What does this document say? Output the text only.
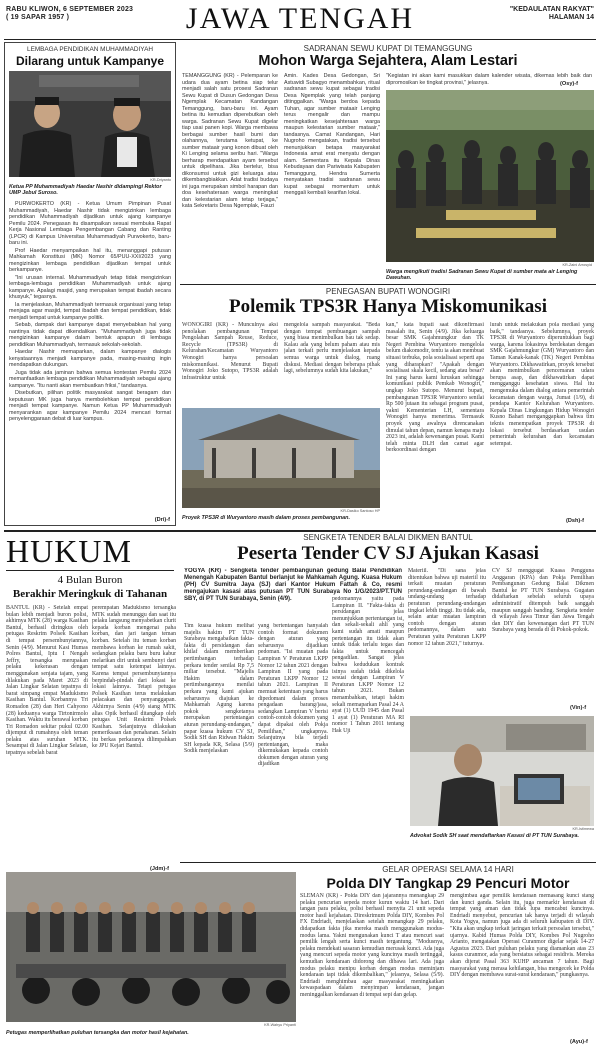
RABU KLIWON, 6 SEPTEMBER 2023
( 19 SAPAR 1957 )	JAWA TENGAH	"KEDAULATAN RAKYAT"
HALAMAN 14
LEMBAGA PENDIDIKAN MUHAMMADIYAH
Dilarang untuk Kampanye
KR-Driyanto
Ketua PP Muhammadiyah Haedar Nashir didampingi Rektor UMP Jebul Suroso.

PURWOKERTO (KR) - Ketua Umum Pimpinan Pusat Muhammadiyah, Haedar Nashir tidak mengizinkan lembaga pendidikan Muhammadiyah dijadikan untuk ajang kampanye Pemilu 2024. Penegasan itu disampaikan sesuai membuka Rapat Kerja Nasional Lembaga Pengembangan Cabang dan Ranting (LPCR) di Kampus Universitas Muhammadiyah Purwokerto, baru-baru ini.

Prof Haedar menyampaikan hal itu, menanggapi putusan Mahkamah Konstitusi (MK) Nomor 65/PUU-XXI/2023 yang mengizinkan lembaga pendidikan dijadikan tempat untuk berkampanye.

"Ini urusan internal. Muhammadiyah tetap tidak mengizinkan lembaga-lembaga pendidikan Muhammadiyah untuk ajang kampanye. Apalagi masjid, yang merupakan tempat ibadah secara khusyuk," tegasnya.

Ia menjelaskan, Muhammadiyah termasuk organisasi yang tetap menjaga agar masjid, tempat ibadah dan tempat pendidikan, tidak menjadi tempat untuk kampanye politik.

Sebab, dampak dari kampanye dapat menyebabkan hal yang nantinya tidak dapat dikendalikan. "Muhammadiyah juga tidak mengizinkan kampanye dalam bentuk apapun di lembaga pendidikan Muhammadiyah, termasuk sekolah-sekolah.

Haedar Nashir memaparkan, dalam kampanye dialogis kenyataannya menjadi kampanye pada, masing-masing ingin mendapatkan dukungan.

Juga tidak ada jaminan bahwa semua kontestan Pemilu 2024 memanfaatkan lembaga pendidikan Muhammadiyah sebagai ajang kampanye. "Itu nanti akan membuatkan friksi," tandasnya.

Disebutkan, pilihan politik masyarakat sangat beragam dan keputusan MK juga hanya membolehkan tempat pendidikan menjadi tempat kampanye. Namun Ketua PP Muhammadiyah menyarankan agar kampanye Pemilu 2024 mencari format penyelenggaraan debat di luar kampus.

(Dri)-f
SADRANAN SEWU KUPAT DI TEMANGGUNG
Mohon Warga Sejahtera, Alam Lestari
TEMANGGUNG (KR) - Pelemparan ke udara dua ayam betina siap telur menjadi salah satu prosesi Sadranan Sewu Kupat di Dusun Gedongan Desa Ngemplak Kecamatan Kandangan Temanggung, baru-baru ini. Ayam betina itu kemudian diperebutkan oleh warga. Sadranan Sewu Kupat digelar tiap usai panen kopi. Warga membawa berbagai sumber hasil bumi dan olahannya, terutama ketupat, ke sumber mataair yang konon dibuat oleh Ki Lenging selama seribu hari. "Warga berharap mendapatkan ayam tersebut untuk dipelihara. Jika bertelur, bisa dikonsumsi untuk gizi keluarga atau dikembangbiakkan. Adat tradisi budaya ini juga merupakan simbol harapan dan doa kesehateraan warga meningkat dan kelestarian alam tetap terjaga," kata Sekretaris Desa Ngemplak, Fauzi
Amin. Kades Desa Gedongan, Sri Astuwidi Subagyo menambahkan, ritual sadranan sewu kupat sebagai tradisi Desa Ngemplak yang telah panjang ditinggalkan. "Warga berdoa kepada Tuhan, agar sumber mataair Lenging terus mengalir dan mampu meningkatkan kesejahteraan warga maupun kelestarian sumber mataair," tandasnya. Camat Kandangan, Hari Nugroho mengatakan, tradisi tersebut menunjukkan betapa masyarakat Indonesia amat erat menyatu dengan alam. Sementara itu Kepala Dinas Kebudayaan dan Pariwisata Kabupaten Temanggung, Hendra Sumerta menyatakan tradisi sadranan sewu kupat sebagai momentum untuk menggali kembali kearifan lokal.
"Kegiatan ini akan kami masukkan dalam kalender wisata, dikemas lebih baik dan dipromosikan ke tingkat provinsi," jelasnya.	(Osy)-f
KR-Zaini Arrosyid
Warga mengikuti tradisi Sadranan Sewu Kupat di sumber mata air Lenging Dawuhan.
PENEGASAN BUPATI WONOGIRI
Polemik TPS3R Hanya Miskomunikasi
WONOGIRI (KR) - Munculnya aksi penolakan pembangunan Tempat Pengolahan Sampah Reuse, Reduce, Recycle (TPS3R) di Kelurahan/Kecamatan Wuryantoro Wonogiri hanya persoalan miskomunikasi. Menurut Bupati Wonogiri Joko Sutopo, TPS3R adalah infrastruktur untuk
mengelola sampah masyarakat. "Beda dengan tempat pembuangan sampah yang biasa menimbulkan bau tak sedap. Kalau ada yang belum paham atau mis jalan terkait perlu menjelaskan kepada semua warga untuk dialog, ruang diskusi. Mediasi dengan beberapa pihak lagi, sebelumnya sudah kita lakukan,"
kan," kata bupati saat dikonfirmasi masalah itu, Senin (4/9). Jika keluarga besar SMK Gajahmungkur dan TK Negeri Pembina Wuryantoro mengelola belum diakomodir, tentu ia akan membuat situasi terbuka, pola sosialisasi seperti apa yang diharapkan? "Apakah dengan sosialisasi skala kecil, sedang atau besar? Ini yang harus kami luruskan sehingga komunikasi publik Pemkab Wonogiri," ungkap Joko Sutopo. Menurut bupati, pembangunan TPS3R Wuryantoro senilai Rp 500 jutaan itu sebagai program pusat, yakni Kementerian LH, sementara Wonogiri hanya menerima. Termasuk proyek yang awalnya direncanakan dimulai tahun depan, namun kenapa maju 2023 ini, adalah kewenangan pusat. Kami telah minta DLH dan camat agar berkoordinasi dengan
lurah untuk melakukan pola mediasi yang baik," tandasnya. Sebelumnya, proyek TPS3R di Wuryantoro diperuntukkan bagi warga, karena lokasinya berdekatan dengan SMK Gajahmungkur (GM) Wuryantoro dan Taman Kanak-kanak (TK) Negeri Pembina Wuryantoro. Dikhawatirkan, proyek tersebut akan menimbulkan pencemaran udara berupa asap, dan dikhawatirkan dapat mengganggu kesehatan siswa. Hal itu mengemuka dalam dialog antara pemerintah kecamatan dengan warga, Jumat (1/9), di pendapa Kantor Kelurahan Wuryantoro. Kepala Dinas Lingkungan Hidup Wonogiri Kusno Bahari menganggapkan bahwa tim teknis menempatkan proyek TPS3R di lokasi tersebut berdasarkan usulan pemerintah kelurahan dan kecamatan setempat.
(Dsh)-f
KR-Dasiko Santoso HP
Proyek TPS3R di Wuryantoro masih dalam proses pembangunan.
HUKUM
4 Bulan Buron
Berakhir Meringkuk di Tahanan
BANTUL (KR) - Setelah empat bulan lebih menjadi buron polisi, akhirnya MTK (28) warga Kasihan Bantul, berhasil diringkus oleh petugas Reskrim Polsek Kasihan di tempat persembunyiannya, Senin (4/9). Menurut Kasi Humas Polres Bantul, Iptu I Nengah Jeffry, tersangka merupakan pelaku kekerasan dengan menggunakan senjata tajam, yang dilakukan pada Maret 2023 di Jalan Lingkar Selatan tepatnya di barat simpang empat Madukismo Kasihan Bantul. Korbannya Tri Romadon (28) dan Heri Cahyono (28) keduanya warga Tirtonirmolo Kasihan. Waktu itu berawal korban Tri Romadon sekitar pukul 02.00 dijemput di rumahnya oleh teman pelaku atas suruhan MTK. Sesampai di Jalan Lingkar Selatan, tepatnya sebelah barat
perempatan Madukismo tersangka MTK sudah menunggu dan saat itu pelaku langsung menyabetkan clurit kepada korban mengenai paha korban, dan jari tangan teman korban. Setelah itu teman korban membawa korban ke rumah sakit, sedangkan pelaku baru buru kabur melarikan diri untuk sembunyi dari tempat satu ketempat lainnya. Karena tempat persembunyiannya berpindah-pindah dari lokasi ke lokasi lainnya. Tetapi petugas Polsek Kasihan terus melakukan pelacakan dan penyanggapan. Akhirnya Senin (4/9) siang MTK alias Opik berhasil ditangkap oleh petugas Unit Reskrim Polsek Kasihan. Selanjutnya dilakukan pemeriksaan dan penahanan. Selain itu berkas perkaranya dilimpahkan ke JPU Kejari Bantul.
(Jdm)-f
SENGKETA TENDER BALAI DIKMEN BANTUL
Peserta Tender CV SJ Ajukan Kasasi
YOGYA (KR) - Sengketa tender pembangunan gedung Balai Pendidikan Menengah Kabupaten Bantul berlanjut ke Mahkamah Agung. Kuasa Hukum (PH) CV Sumitra Jaya (SJ) dari Kantor Hukum Fattah & Co, resmi mengajukan kasasi atas putusan PT TUN Surabaya No 1/G/2023/PT.TUN SBY, di PT TUN Surabaya, Senin (4/9).
Tim kuasa hukum melihat majelis hakim PT TUN Surabaya mengabaikan fakta-fakta di persidangan dan khilaf dalam memberikan pertimbangan terhadap perkara tender senilai Rp 7,5 miliar tersebut. "Majelis Hakim dalam pertimbangannya menilai perkara yang kami ajukan seharusnya diajukan ke Mahkamah Agung karena pokok sengketanya merupakan pertentangan aturan perundang-undangan," papar kuasa hukum CV SJ, Sodik SH dan Ridwan Hakim SH kepada KR, Selasa (5/9) Sodik menjelaskan
yang bertentangan hanyalah contoh format dokumen dengan aturan yang seharusnya dijadikan pedoman. "Isi muatan pada Lampiran V Peraturan LKPP Nomor 12 tahun 2021 dengan Lampiran II yang pada Peraturan LKPP Nomor 12 tahun 2021. Lampiran II memuat ketentuan yang harus dipedomani dalam proses pengadaan barang/jasa, sedangkan Lampiran V berisi contoh-contoh dokumen yang dapat dipakai oleh Pokja Pemilihan," ungkapnya. Selanjutnya bila terjadi pertentangan, maka dikemukakan kepada contoh dokumen dengan aturan yang dijadikan
pedomannya yaitu pada Lampiran II. "Fakta-fakta di persidangan jelas menunjukkan pertentangan isi, dan sekali-sekali ahli yang kami sudah amati maupun pertentangan itu tidak akan untuk tidak terlalu tegas dan fakta untuk mencegah pengadilan. Sangat jelas bahwa kedudukan kontrak isinya sudah tidak dikelola sesuai dengan Lampiran V Peraturan LKPP Nomor 12 tahun 2021. Bukan menambahkan, tetapi hakim sekali memaparkan Pasal 24 A ayat (1) UUD 1945 dan Pasal 1 ayat (1) Peraturan MA RI nomor 1 Tahun 2011 tentang Hak Uji
Materiil. "Di sana jelas ditentukan bahwa uji materiil itu terkait muatan peraturan perundang-undangan di bawah undang-undang terhadap peraturan perundang-undangan tingkat lebih tinggi. Itu tidak ada, selain antar muatan lampiran contoh dengan aturan pedomannya, dalam satu Peraturan yaitu Peraturan LKPP nomor 12 tahun 2021," tuturnya.
CV SJ menggugat Kuasa Pengguna Anggaran (KPA) dan Pokja Pemilihan Pembangunan Gedung Balai Dikmen Bantul ke PT TUN Surabaya. Gugatan didaftarkan sebelah seluruh upaya administratif ditempuh baik sanggah maupun sanggah banding. Sengketa tender di wilayah Jawa Timur dan Jawa Tengah dan DIY dan kewenangan dari PT TUN Surabaya yang berada di di Pokok-pokok.
(Vin)-f
KR-Istimewa
Advokat Sodik SH saat mendaftarkan Kasasi di PT TUN Surabaya.
GELAR OPERASI SELAMA 14 HARI
Polda DIY Tangkap 29 Pencuri Motor
KR-Wahyu Priyanti
Petugas memperlihatkan puluhan tersangka dan motor hasil kejahatan.
SLEMAN (KR) - Polda DIY dan jajarannya menangkap 29 pelaku pencurian sepeda motor kurun waktu 14 hari. Dari tangan para pelaku, polisi berhasil menyita 21 unit sepeda motor hasil kejahatan. Direskrimum Polda DIY, Kombes Pol FX Endriadi, menjelaskan setelah menangkap 29 pelaku, didapatkan fakta jika mereka masih menggunakan modus-modus lama. Yakni mengunakan kunci T atau mencuri saat pemilik lengah serta kunci masih tergantung. "Modusnya, pelaku mendekati sasaran kemudian merusak kunci. Ada juga yang mencuri sepeda motor yang kuncinya masih tertinggal, kemudian kendaraan didorong dan dibawa lari. Ada juga modus pelaku menipu korban dengan modus meminjam kendaraan tapi tidak dikembalikan," jelasnya, Selasa (5/9). Endriadi menghimbau agar masyarakat meningkatkan kewaspadaan dalam menyimpan kendaraan, jangan meninggalkan kendaraan di tempat sepi dan gelap.
mengimbau agar pemilik kendaraan memasang kunci stang dan kunci ganda. Selain itu, juga memarkir kendaraan di tempat yang aman dan tidak lupa mencabut kuncinya. Endriadi menyebut, pencurian tak hanya terjadi di wilayah Kota Yogya, namun juga ada di seluruh kabupaten di DIY. "Kita akan ungkap terkait jaringan terkait persoalan tersebut," ujarnya. Kabid Humas Polda DIY, Kombes Pol Nugroho Arianto, mengatakan Operasi Curanmor digelar sejak 14-27 Agustus 2023. Dari puluhan pelaku yang diamankan atas 23 kasus curanmor, ada yang berstatus sebagai residivis. Mereka akan dijerat Pasal 363 KUHP ancaman 7 tahun. Bagi masyarakat yang merasa kehilangan, bisa mengecek ke Polda DIY dengan membawa surat-surat kendaraan," pungkasnya.
(Ayu)-f
